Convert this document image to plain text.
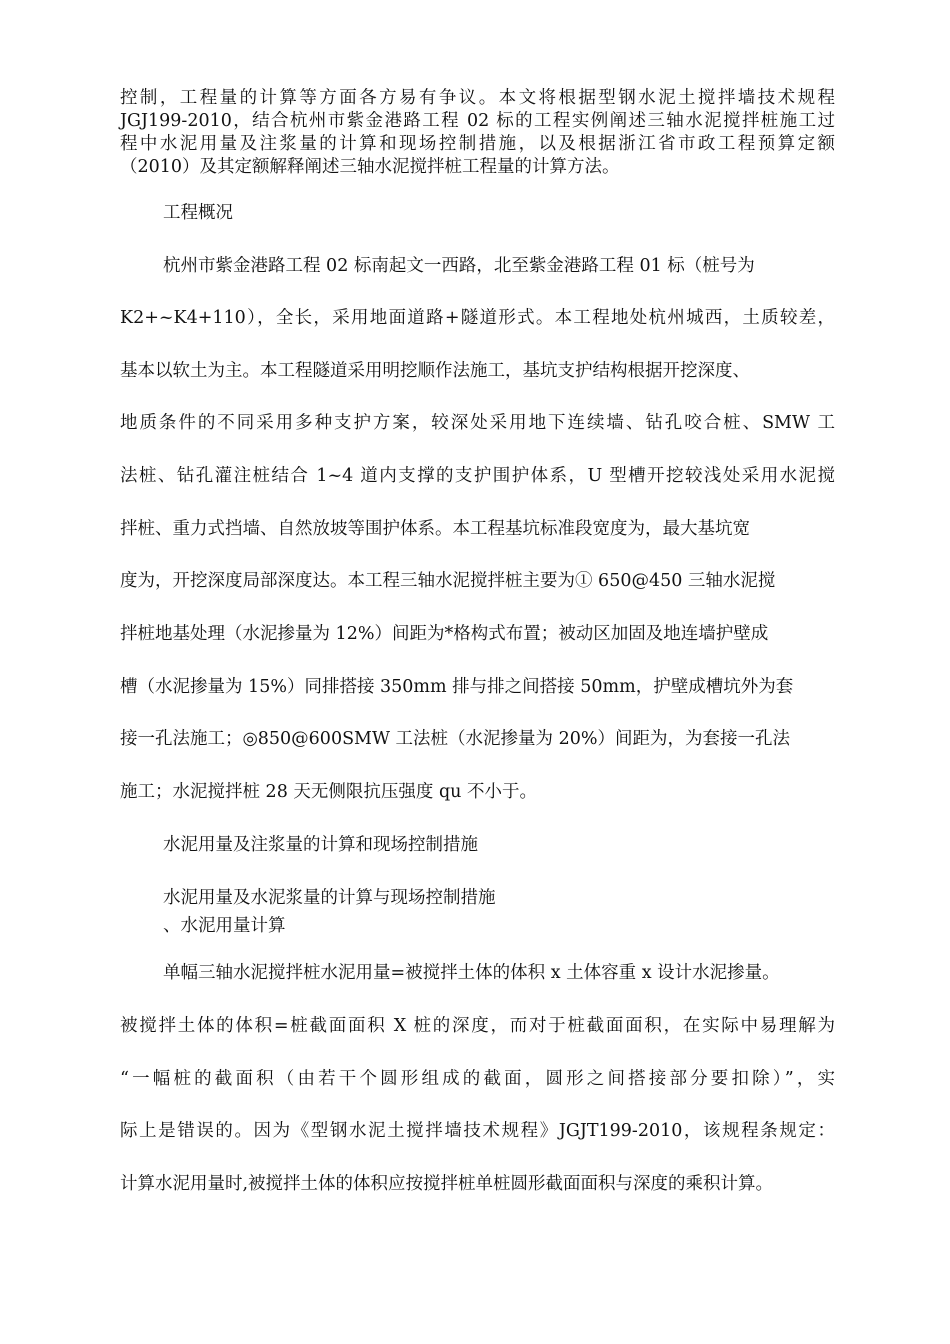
控制，工程量的计算等方面各方易有争议。本文将根据型钢水泥土搅拌墙技术规程
JGJ199-2010，结合杭州市紫金港路工程 02 标的工程实例阐述三轴水泥搅拌桩施工过
程中水泥用量及注浆量的计算和现场控制措施，以及根据浙江省市政工程预算定额
（2010）及其定额解释阐述三轴水泥搅拌桩工程量的计算方法。
工程概况
杭州市紫金港路工程 02 标南起文一西路，北至紫金港路工程 01 标（桩号为
K2+~K4+110），全长，采用地面道路+隧道形式。本工程地处杭州城西，土质较差，
基本以软土为主。本工程隧道采用明挖顺作法施工，基坑支护结构根据开挖深度、
地质条件的不同采用多种支护方案，较深处采用地下连续墙、钻孔咬合桩、SMW 工
法桩、钻孔灌注桩结合 1~4 道内支撑的支护围护体系，U 型槽开挖较浅处采用水泥搅
拌桩、重力式挡墙、自然放坡等围护体系。本工程基坑标准段宽度为，最大基坑宽
度为，开挖深度局部深度达。本工程三轴水泥搅拌桩主要为① 650@450 三轴水泥搅
拌桩地基处理（水泥掺量为 12%）间距为*格构式布置；被动区加固及地连墙护壁成
槽（水泥掺量为 15%）同排搭接 350mm 排与排之间搭接 50mm，护壁成槽坑外为套
接一孔法施工；◎850@600SMW 工法桩（水泥掺量为 20%）间距为，为套接一孔法
施工；水泥搅拌桩 28 天无侧限抗压强度 qu 不小于。
水泥用量及注浆量的计算和现场控制措施
水泥用量及水泥浆量的计算与现场控制措施
、水泥用量计算
单幅三轴水泥搅拌桩水泥用量=被搅拌土体的体积 x 土体容重 x 设计水泥掺量。
被搅拌土体的体积=桩截面面积 X 桩的深度，而对于桩截面面积，在实际中易理解为
“一幅桩的截面积（由若干个圆形组成的截面，圆形之间搭接部分要扣除）”，实
际上是错误的。因为《型钢水泥土搅拌墙技术规程》JGJT199-2010，该规程条规定：
计算水泥用量时,被搅拌土体的体积应按搅拌桩单桩圆形截面面积与深度的乘积计算。
